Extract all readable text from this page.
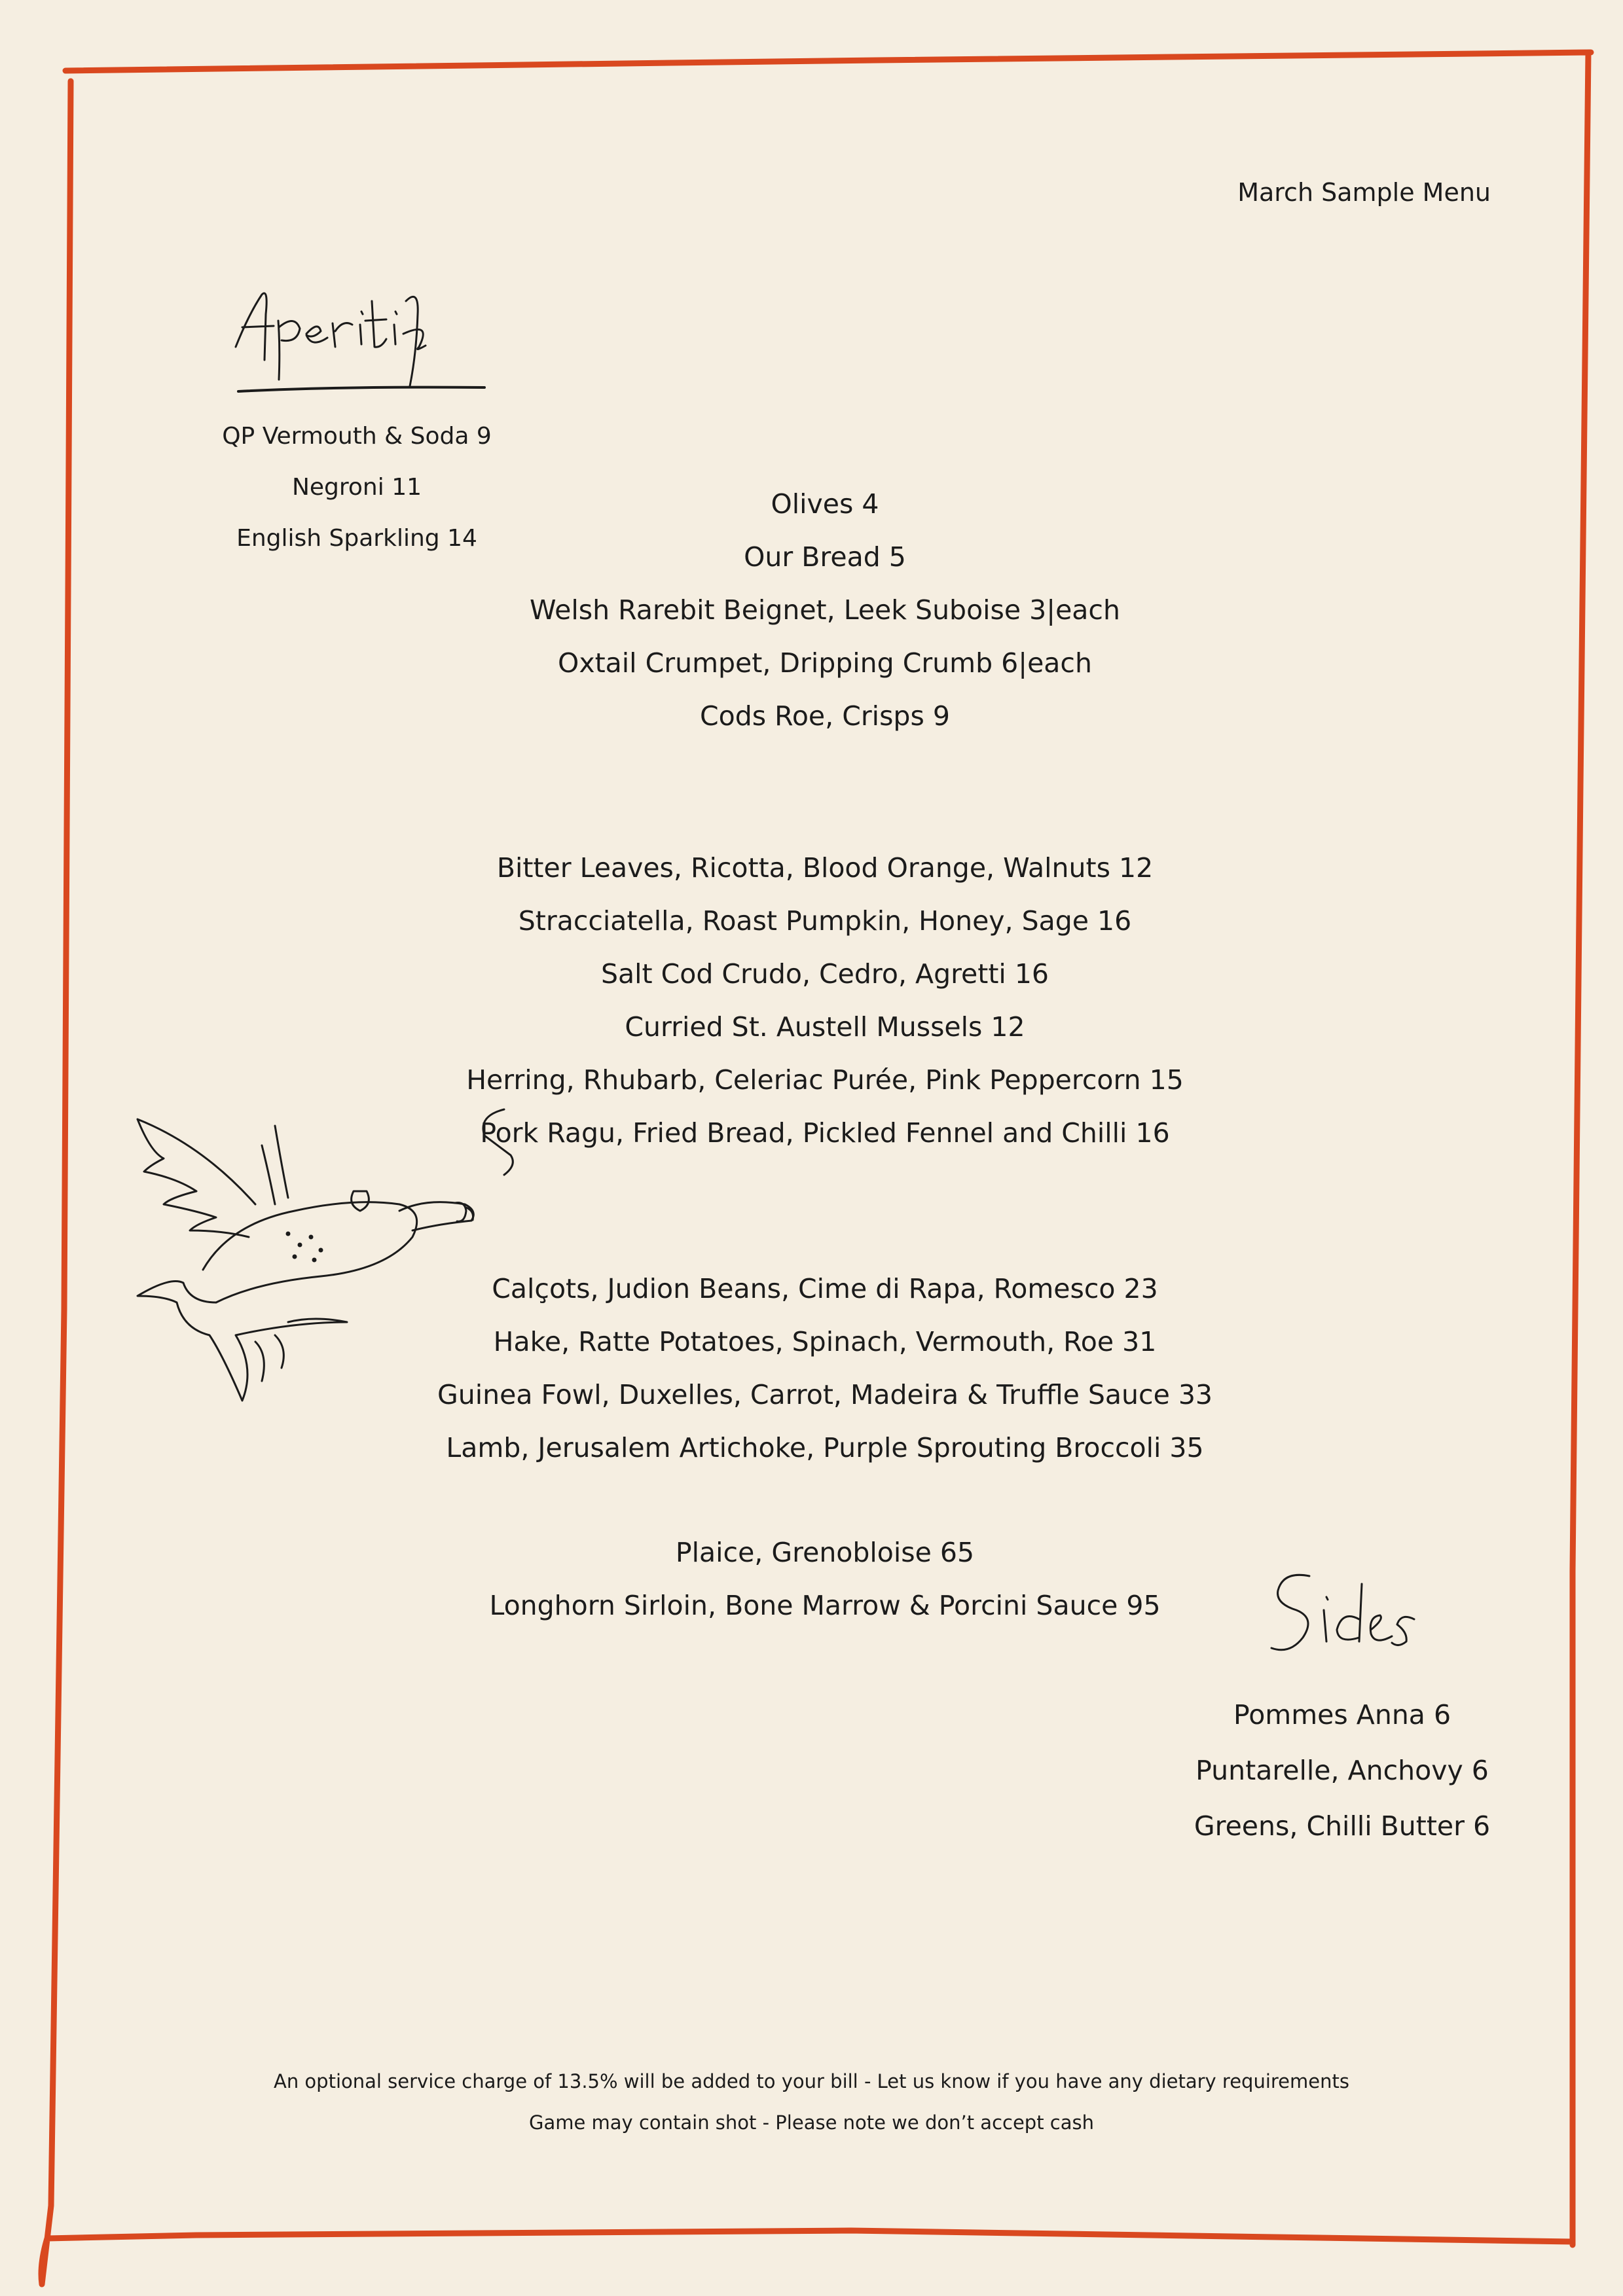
March Sample Menu
QP Vermouth & Soda 9
Negroni 11
English Sparkling 14
Olives 4
Our Bread 5
Welsh Rarebit Beignet, Leek Suboise 3|each
Oxtail Crumpet, Dripping Crumb 6|each
Cods Roe, Crisps 9
Bitter Leaves, Ricotta, Blood Orange, Walnuts 12
Stracciatella, Roast Pumpkin, Honey, Sage 16
Salt Cod Crudo, Cedro, Agretti 16
Curried St. Austell Mussels 12
Herring, Rhubarb, Celeriac Purée, Pink Peppercorn 15
Pork Ragu, Fried Bread, Pickled Fennel and Chilli 16
Calçots, Judion Beans, Cime di Rapa, Romesco 23
Hake, Ratte Potatoes, Spinach, Vermouth, Roe 31
Guinea Fowl, Duxelles, Carrot, Madeira & Truffle Sauce 33
Lamb, Jerusalem Artichoke, Purple Sprouting Broccoli 35
Plaice, Grenobloise 65
Longhorn Sirloin, Bone Marrow & Porcini Sauce 95
Pommes Anna 6
Puntarelle, Anchovy 6
Greens, Chilli Butter 6
An optional service charge of 13.5% will be added to your bill - Let us know if you have any dietary requirements
Game may contain shot - Please note we don’t accept cash
